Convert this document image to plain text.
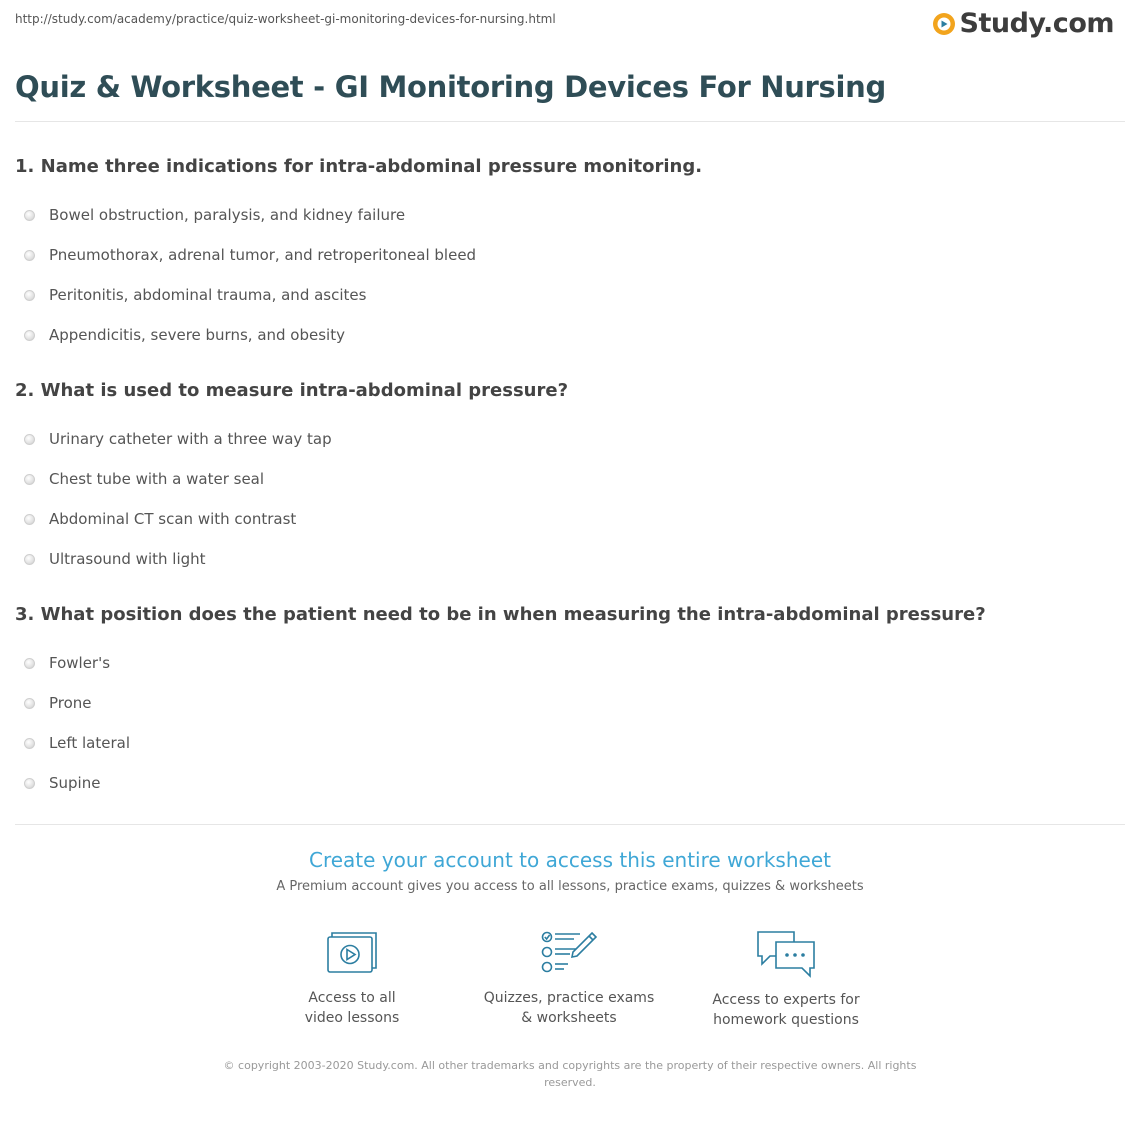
http://study.com/academy/practice/quiz-worksheet-gi-monitoring-devices-for-nursing.html	Study.com
Quiz & Worksheet - GI Monitoring Devices For Nursing

1. Name three indications for intra-abdominal pressure monitoring.

Bowel obstruction, paralysis, and kidney failure
Pneumothorax, adrenal tumor, and retroperitoneal bleed
Peritonitis, abdominal trauma, and ascites
Appendicitis, severe burns, and obesity

2. What is used to measure intra-abdominal pressure?

Urinary catheter with a three way tap
Chest tube with a water seal
Abdominal CT scan with contrast
Ultrasound with light

3. What position does the patient need to be in when measuring the intra-abdominal pressure?

Fowler's
Prone
Left lateral
Supine

Create your account to access this entire worksheet

A Premium account gives you access to all lessons, practice exams, quizzes & worksheets
Access to all
video lessons
Quizzes, practice exams
& worksheets
Access to experts for
homework questions
© copyright 2003-2020 Study.com. All other trademarks and copyrights are the property of their respective owners. All rights reserved.
